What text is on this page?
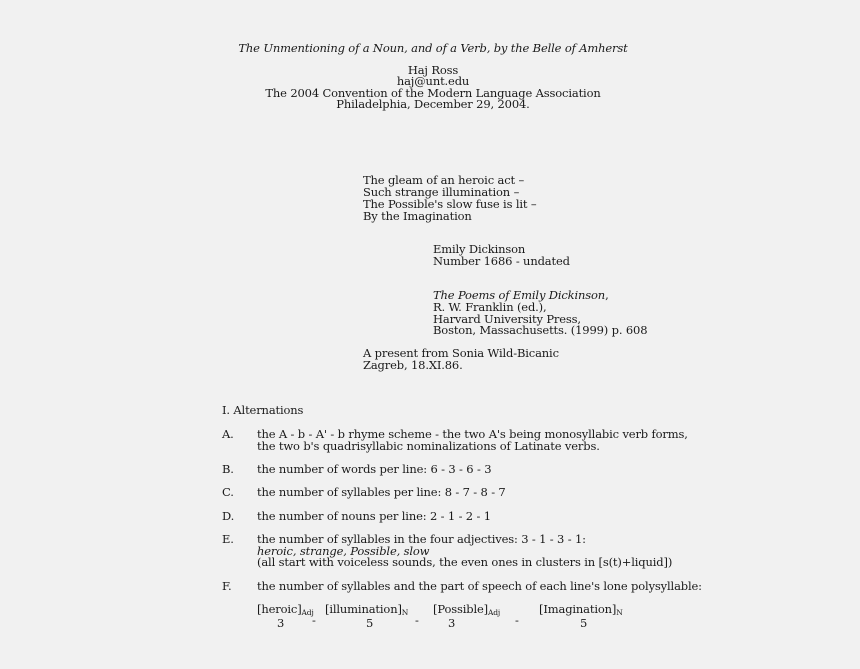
The Unmentioning of a Noun, and of a Verb, by the Belle of Amherst
Haj Ross
haj@unt.edu
The 2004 Convention of the Modern Language Association
Philadelphia, December 29, 2004.
The gleam of an heroic act –
Such strange illumination –
The Possible's slow fuse is lit –
By the Imagination
Emily Dickinson
Number 1686 - undated
The Poems of Emily Dickinson,
R. W. Franklin (ed.),
Harvard University Press,
Boston, Massachusetts. (1999) p. 608
A present from Sonia Wild-Bicanic
Zagreb, 18.XI.86.
I. Alternations
A. the A - b - A' - b rhyme scheme - the two A's being monosyllabic verb forms,
the two b's quadrisyllabic nominalizations of Latinate verbs.
B. the number of words per line: 6 - 3 - 6 - 3
C. the number of syllables per line: 8 - 7 - 8 - 7
D. the number of nouns per line: 2 - 1 - 2 - 1
E. the number of syllables in the four adjectives: 3 - 1 - 3 - 1:
heroic, strange, Possible, slow
(all start with voiceless sounds, the even ones in clusters in [s(t)+liquid])
F. the number of syllables and the part of speech of each line's lone polysyllable:
$[heroic]_{Adj}$ $[illumination]_N$ $[Possible]_{Adj}$	$[Imagination]_N$
3 -	5	-	3	-	5
